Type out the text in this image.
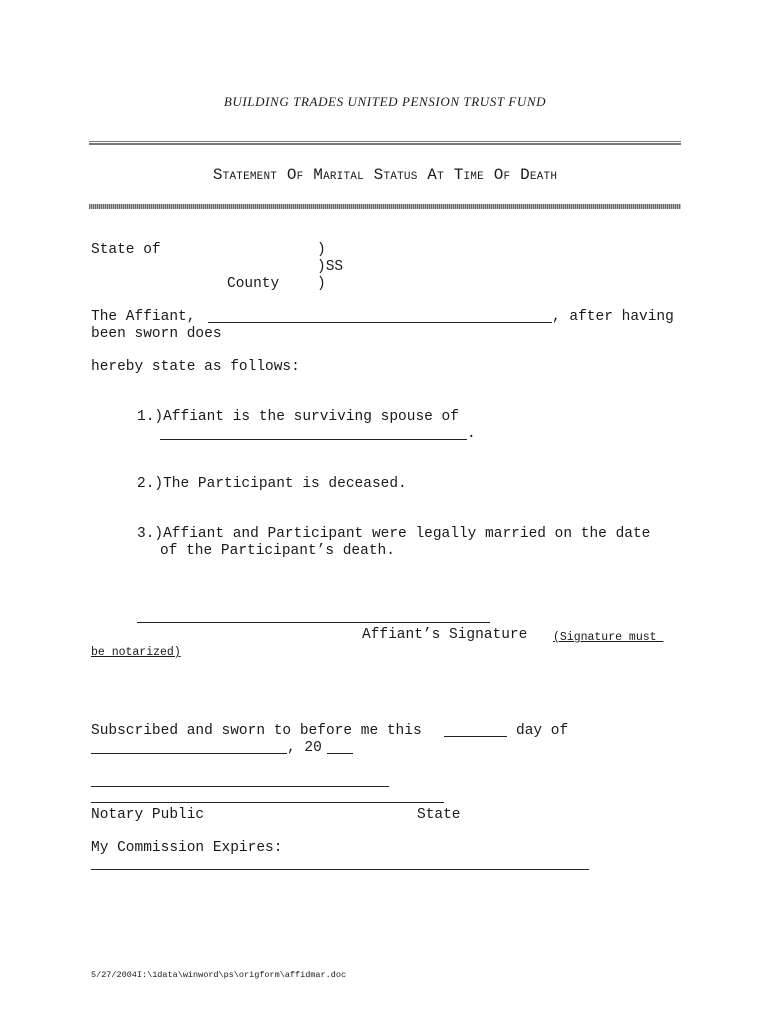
BUILDING TRADES UNITED PENSION TRUST FUND
Statement Of Marital Status At Time Of Death
State of	)
)SS
County	)
The Affiant,	, after having
been sworn does
hereby state as follows:
1.)Affiant is the surviving spouse of
.
2.)The Participant is deceased.
3.)Affiant and Participant were legally married on the date
of the Participant’s death.
Affiant’s Signature (Signature must
be notarized)
Subscribed and sworn to before me this	day of
, 20
Notary Public	State
My Commission Expires:
5/27/2004I:\1data\winword\ps\origform\affidmar.doc
